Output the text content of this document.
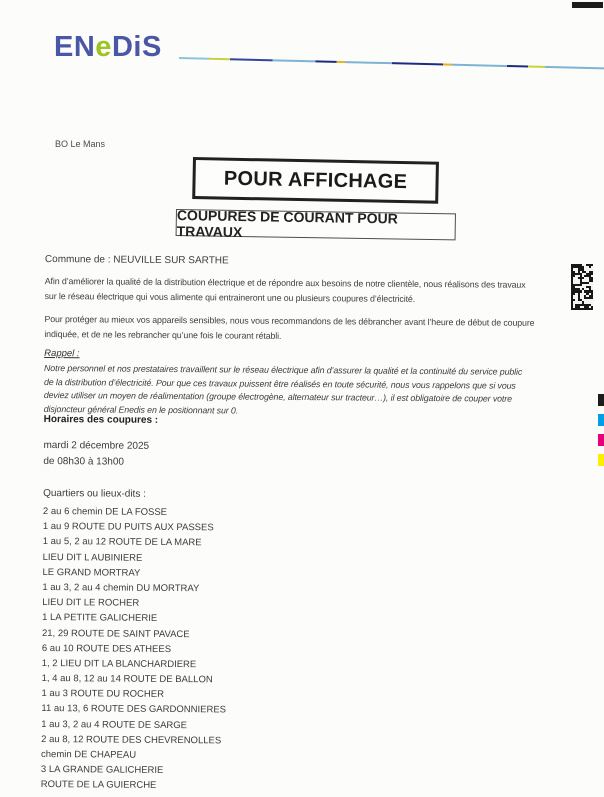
ENeDiS
BO Le Mans
POUR AFFICHAGE
COUPURES DE COURANT POUR TRAVAUX
Commune de : NEUVILLE SUR SARTHE
Afin d’améliorer la qualité de la distribution électrique et de répondre aux besoins de notre clientèle, nous réalisons des travaux
sur le réseau électrique qui vous alimente qui entraineront une ou plusieurs coupures d’électricité.
Pour protéger au mieux vos appareils sensibles, nous vous recommandons de les débrancher avant l’heure de début de coupure
indiquée, et de ne les rebrancher qu’une fois le courant rétabli.
Rappel :
Notre personnel et nos prestataires travaillent sur le réseau électrique afin d’assurer la qualité et la continuité du service public
de la distribution d’électricité. Pour que ces travaux puissent être réalisés en toute sécurité, nous vous rappelons que si vous
deviez utiliser un moyen de réalimentation (groupe électrogène, alternateur sur tracteur…), il est obligatoire de couper votre
disjoncteur général Enedis en le positionnant sur 0.
Horaires des coupures :
mardi 2 décembre 2025
de 08h30 à 13h00
Quartiers ou lieux-dits :
2 au 6 chemin DE LA FOSSE
1 au 9 ROUTE DU PUITS AUX PASSES
1 au 5, 2 au 12 ROUTE DE LA MARE
LIEU DIT L AUBINIERE
LE GRAND MORTRAY
1 au 3, 2 au 4 chemin DU MORTRAY
LIEU DIT LE ROCHER
1 LA PETITE GALICHERIE
21, 29 ROUTE DE SAINT PAVACE
6 au 10 ROUTE DES ATHEES
1, 2 LIEU DIT LA BLANCHARDIERE
1, 4 au 8, 12 au 14 ROUTE DE BALLON
1 au 3 ROUTE DU ROCHER
11 au 13, 6 ROUTE DES GARDONNIERES
1 au 3, 2 au 4 ROUTE DE SARGE
2 au 8, 12 ROUTE DES CHEVRENOLLES
chemin DE CHAPEAU
3 LA GRANDE GALICHERIE
ROUTE DE LA GUIERCHE
